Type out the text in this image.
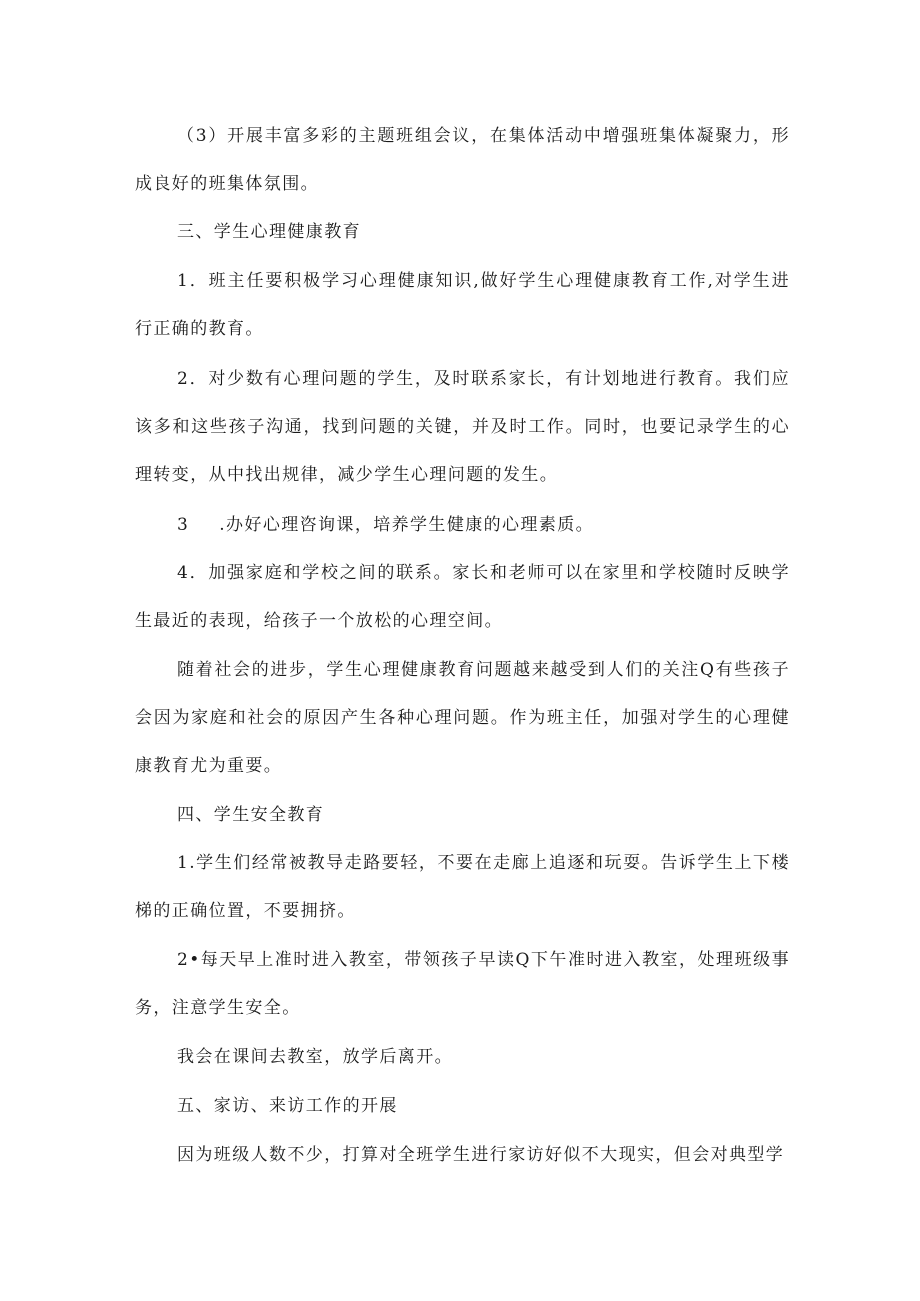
（3）开展丰富多彩的主题班组会议，在集体活动中增强班集体凝聚力，形成良好的班集体氛围。

三、学生心理健康教育

1．班主任要积极学习心理健康知识,做好学生心理健康教育工作,对学生进行正确的教育。

2．对少数有心理问题的学生，及时联系家长，有计划地进行教育。我们应该多和这些孩子沟通，找到问题的关键，并及时工作。同时，也要记录学生的心理转变，从中找出规律，减少学生心理问题的发生。

3 .办好心理咨询课，培养学生健康的心理素质。

4．加强家庭和学校之间的联系。家长和老师可以在家里和学校随时反映学生最近的表现，给孩子一个放松的心理空间。

随着社会的进步，学生心理健康教育问题越来越受到人们的关注Q有些孩子会因为家庭和社会的原因产生各种心理问题。作为班主任，加强对学生的心理健康教育尤为重要。

四、学生安全教育

1.学生们经常被教导走路要轻，不要在走廊上追逐和玩耍。告诉学生上下楼梯的正确位置，不要拥挤。

2•每天早上准时进入教室，带领孩子早读Q下午准时进入教室，处理班级事务，注意学生安全。

我会在课间去教室，放学后离开。

五、家访、来访工作的开展

因为班级人数不少，打算对全班学生进行家访好似不大现实，但会对典型学
